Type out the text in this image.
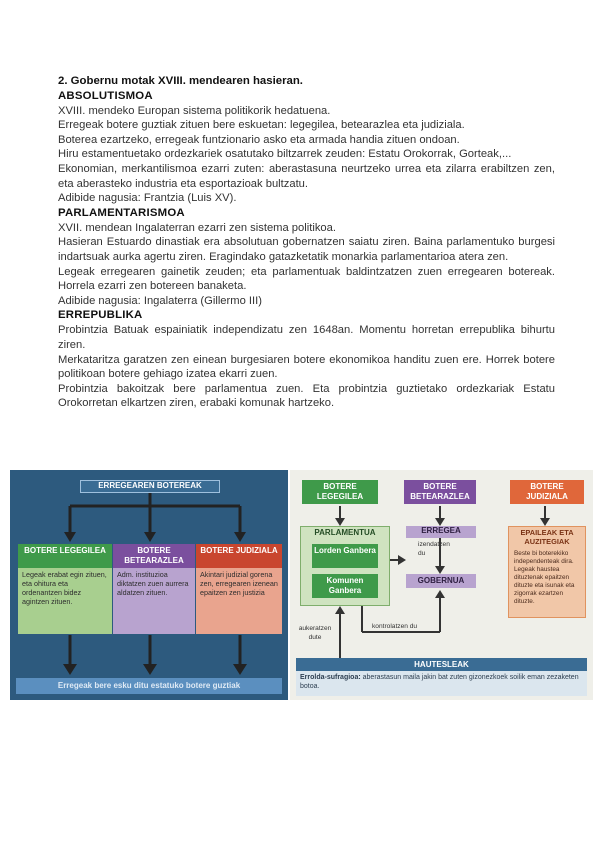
2. Gobernu motak XVIII. mendearen hasieran.
ABSOLUTISMOA

XVIII. mendeko Europan sistema politikorik hedatuena.

Erregeak botere guztiak zituen bere eskuetan: legegilea, betearazlea eta judiziala.

Boterea ezartzeko, erregeak funtzionario asko eta armada handia zituen ondoan.

Hiru estamentuetako ordezkariek osatutako biltzarrek zeuden: Estatu Orokorrak, Gorteak,...

Ekonomian, merkantilismoa ezarri zuten: aberastasuna neurtzeko urrea eta zilarra erabiltzen zen, eta aberasteko industria eta esportazioak bultzatu.

Adibide nagusia: Frantzia (Luis XV).

PARLAMENTARISMOA

XVII. mendean Ingalaterran ezarri zen sistema politikoa.

Hasieran Estuardo dinastiak era absolutuan gobernatzen saiatu ziren. Baina parlamentuko burgesi indartsuak aurka agertu ziren. Eragindako gatazketatik monarkia parlamentarioa atera zen.

Legeak erregearen gainetik zeuden; eta parlamentuak baldintzatzen zuen erregearen botereak. Horrela ezarri zen botereen banaketa.

Adibide nagusia: Ingalaterra (Gillermo III)

ERREPUBLIKA

Probintzia Batuak espainiatik independizatu zen 1648an. Momentu horretan errepublika bihurtu ziren.

Merkataritza garatzen zen einean burgesiaren botere ekonomikoa handitu zuen ere. Horrek botere politikoan botere gehiago izatea ekarri zuen.

Probintzia bakoitzak bere parlamentua zuen. Eta probintzia guztietako ordezkariak Estatu Orokorretan elkartzen ziren, erabaki komunak hartzeko.

ERREGEAREN BOTEREAK
BOTERE LEGEGILEA
Legeak erabat egin zituen, eta ohitura eta ordenantzen bidez agintzen zituen.
BOTERE BETEARAZLEA
Adm. instituzioa diktatzen zuen aurrera aldatzen zituen.
BOTERE JUDIZIALA
Akintari judizial gorena zen, erregearen izenean epaitzen zen justizia
Erregeak bere esku ditu estatuko botere guztiak
BOTERE LEGEGILEA
BOTERE BETEARAZLEA
BOTERE JUDIZIALA
PARLAMENTUA
Lorden Ganbera
Komunen Ganbera
ERREGEA
izendatzen du
GOBERNUA
kontrolatzen du
aukeratzen dute
EPAILEAK ETA AUZITEGIAK
Beste bi boterekiko independenteak dira. Legeak haustea dituztenak epaitzen dituzte eta isunak eta zigorrak ezartzen dituzte.
HAUTESLEAK
Errolda-sufragioa: aberastasun maila jakin bat zuten gizonezkoek soilik eman zezaketen botoa.
